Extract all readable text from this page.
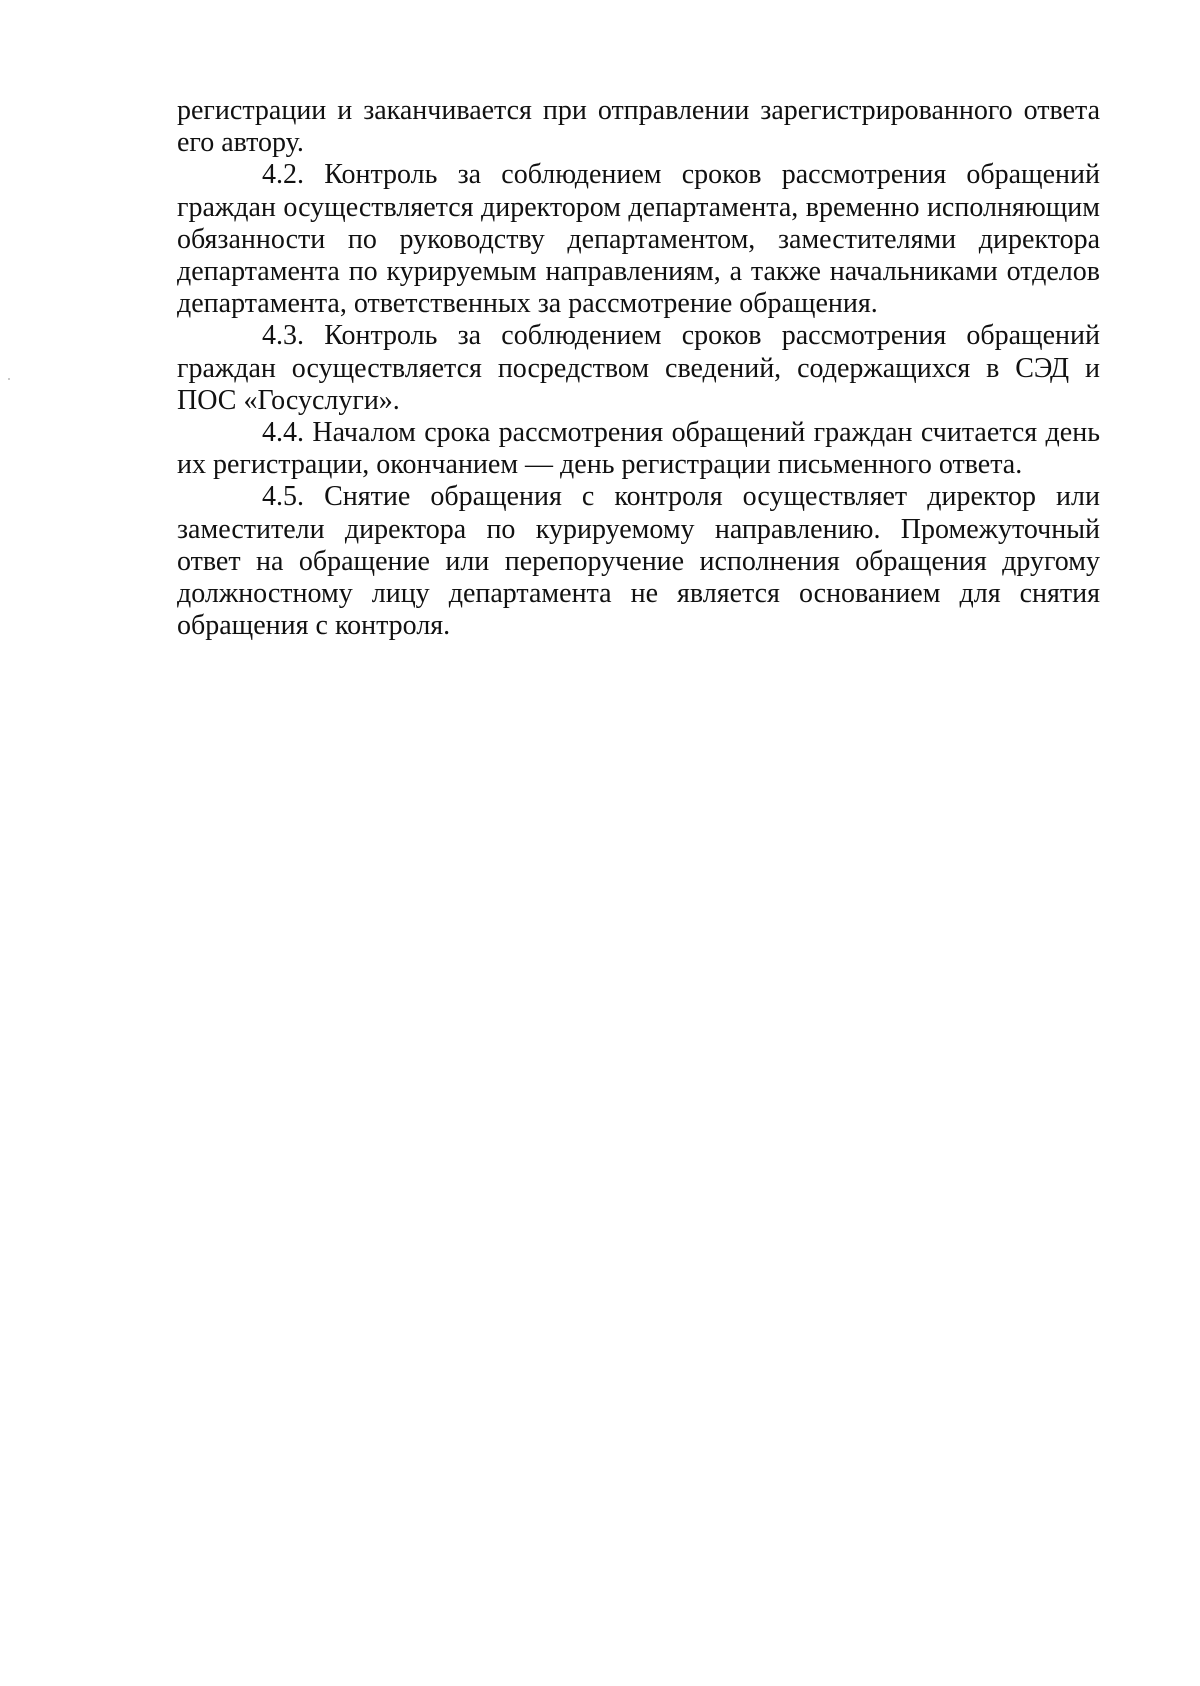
регистрации и заканчивается при отправлении зарегистрированного ответа его автору.

4.2. Контроль за соблюдением сроков рассмотрения обращений граждан осуществляется директором департамента, временно исполняющим обязанности по руководству департаментом, заместителями директора департамента по курируемым направлениям, а также начальниками отделов департамента, ответственных за рассмотрение обращения.

4.3. Контроль за соблюдением сроков рассмотрения обращений граждан осуществляется посредством сведений, содержащихся в СЭД и ПОС «Госуслуги».

4.4. Началом срока рассмотрения обращений граждан считается день их регистрации, окончанием — день регистрации письменного ответа.

4.5. Снятие обращения с контроля осуществляет директор или заместители директора по курируемому направлению. Промежуточный ответ на обращение или перепоручение исполнения обращения другому должностному лицу департамента не является основанием для снятия обращения с контроля.
